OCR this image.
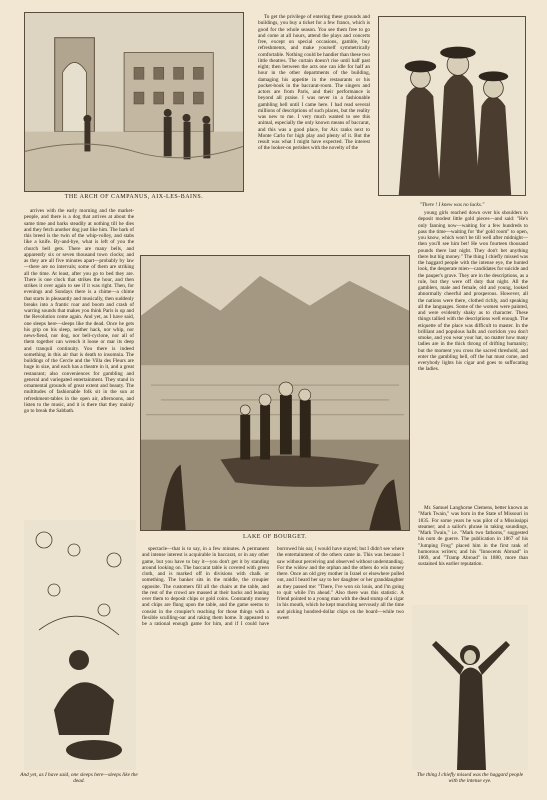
THE ARCH OF CAMPANUS, AIX-LES-BAINS.

To get the privilege of entering these grounds and buildings, you buy a ticket for a few francs, which is good for the whole season. You see them free to go and come at all hours, attend the plays and concerts free, except on special occasions, gamble, buy refreshments, and make yourself symmetrically comfortable. Nothing could be handier than these two little theatres. The curtain doesn't rise until half past eight; then between the acts one can idle for half an hour in the other departments of the building, damaging his appetite in the restaurants or his pocket-book in the baccarat-room. The singers and actors are from Paris, and their performance is beyond all praise. I was never in a fashionable gambling hell until I came here. I had read several millions of descriptions of such places, but the reality was new to me. I very much wanted to see this animal, especially the only known means of baccarat, and this was a good place, for Aix ranks next to Monte Carlo for high play and plenty of it. But the result was what I might have expected. The interest of the looker-on perishes with the novelty of the

"There ! I knew was no lucks."

arrives with the early morning and the market-people, and there is a dog that arrives at about the same time and barks steadily at nothing till he dies and they fetch another dog just like him. The bark of this breed is the twin of the whip-volley, and stabs like a knife. By-and-bye, what is left of you the church bell gets. There are many bells, and apparently six or seven thousand town clocks; and as they are all five minutes apart—probably by law—there are no intervals; some of them are striking all the time. At least, after you go to bed they are. There is one clock that strikes the hour, and then strikes it over again to see if it was right. Then, for evenings and Sundays there is a chime—a chime that starts in pleasantly and musically, then suddenly breaks into a frantic roar and boom and crash of warring sounds that makes you think Paris is up and the Revolution come again. And yet, as I have said, one sleeps here—sleeps like the dead. Once he gets his grip on his sleep, neither hack, nor whip, nor news-fiend, nor dog, nor bell-cyclone, nor all of them together can wrench it loose or mar its deep and tranquil continuity. You there is indeed something in this air that is death to insomnia. The buildings of the Cercle and the Villa des Fleurs are huge in size, and each has a theatre in it, and a great restaurant; also conveniences for gambling and general and variegated entertainment. They stand in ornamental grounds of great extent and beauty. The multitudes of fashionable folk sit in the sun at refreshment-tables in the open air, afternoons, and listen to the music, and it is there that they mainly go to break the Sabbath.

LAKE OF BOURGET.

young girls reached down over his shoulders to deposit modest little gold pieces—and said: "He's only fanning now—waiting for a few hundreds to pass the time—waiting for 'the' gold room" to open, you know, which won't be till well after midnight—then you'll see him bet! He won fourteen thousand pounds there last night. They don't bet anything there but big money." The thing I chiefly missed was the haggard people with the intense eye, the hunted look, the desperate mien—candidates for suicide and the pauper's grave. They are in the descriptions, as a rule, but they were off duty that night. All the gamblers, male and female, old and young, looked abnormally cheerful and prosperous. However, all the nations were there, clothed richly, and speaking all the languages. Some of the women were painted, and were evidently shaky as to character. These things tallied with the descriptions well enough. The etiquette of the place was difficult to master. In the brilliant and populous halls and corridors you don't smoke, and you wear your hat, no matter how many ladies are in the thick throng of drifting humanity; but the moment you cross the sacred threshold, and enter the gambling hell, off the hat must come, and everybody lights his cigar and goes to suffocating the ladies.

Mr. Samuel Langhorne Clemens, better known as "Mark Twain," was born in the State of Missouri in 1835. For some years he was pilot of a Mississippi steamer; and a sailor's phrase in taking soundings, "Mark Twain," i.e. "Mark two fathoms," suggested his nom de guerre. The publication in 1867 of his "Jumping Frog" placed him in the first rank of humorous writers; and his "Innocents Abroad" in 1869, and "Tramp Abroad" in 1880, more than sustained his earlier reputation.

And yet, as I have said, one sleeps here—sleeps like the dead.

spectacle—that is to say, in a few minutes. A permanent and intense interest is acquirable in baccarat, or in any other game, but you have to buy it—you don't get it by standing around looking on. The baccarat table is covered with green cloth, and is marked off in divisions with chalk or something. The banker sits in the middle, the croupier opposite. The customers fill all the chairs at the table, and the rest of the crowd are massed at their backs and leaning over them to deposit chips or gold coins. Constantly money and chips are flung upon the table, and the game seems to consist in the croupier's reaching for those things with a flexible scullling-oar and raking them home. It appeared to be a rational enough game for him, and if I could have borrowed his oar, I would have stayed; but I didn't see where the entertainment of the others came in. This was because I saw without perceiving and observed without understanding. For the widow and the orphan and the others do win money there. Once an old grey mother in Israel or elsewhere pulled out, and I heard her say to her daughter or her granddaughter as they passed me: "There, I've won six louis, and I'm going to quit while I'm ahead." Also there was this statistic. A friend pointed to a young man with the dead stump of a cigar in his mouth, which he kept munching nervously all the time and picking hundred-dollar chips on the board—while two sweet

The thing I chiefly missed was the haggard people with the intense eye.
